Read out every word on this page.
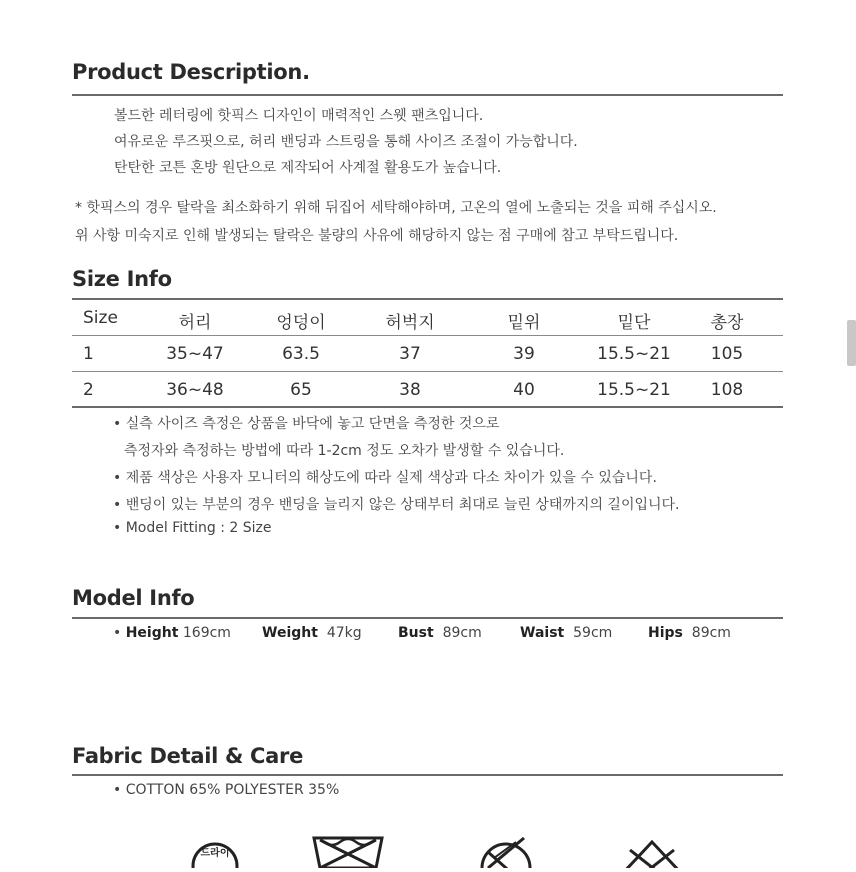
Product Description.
볼드한 레터링에 핫픽스 디자인이 매력적인 스웻 팬츠입니다.
여유로운 루즈핏으로, 허리 밴딩과 스트링을 통해 사이즈 조절이 가능합니다.
탄탄한 코튼 혼방 원단으로 제작되어 사계절 활용도가 높습니다.
* 핫픽스의 경우 탈락을 최소화하기 위해 뒤집어 세탁해야하며, 고온의 열에 노출되는 것을 피해 주십시오.
위 사항 미숙지로 인해 발생되는 탈락은 불량의 사유에 해당하지 않는 점 구매에 참고 부탁드립니다.
Size Info
Size	허리	엉덩이	허벅지	밑위	밑단	총장
1	35~47	63.5	37	39	15.5~21 105
2	36~48	65	38	40	15.5~21 108
• 실측 사이즈 측정은 상품을 바닥에 놓고 단면을 측정한 것으로
측정자와 측정하는 방법에 따라 1-2cm 정도 오차가 발생할 수 있습니다.
• 제품 색상은 사용자 모니터의 해상도에 따라 실제 색상과 다소 차이가 있을 수 있습니다.
• 밴딩이 있는 부분의 경우 밴딩을 늘리지 않은 상태부터 최대로 늘린 상태까지의 길이입니다.
• Model Fitting : 2 Size
Model Info
• Height 169cm Weight 47kg	Bust 89cm	Waist 59cm	Hips 89cm
Fabric Detail & Care
• COTTON 65% POLYESTER 35%
드라이
